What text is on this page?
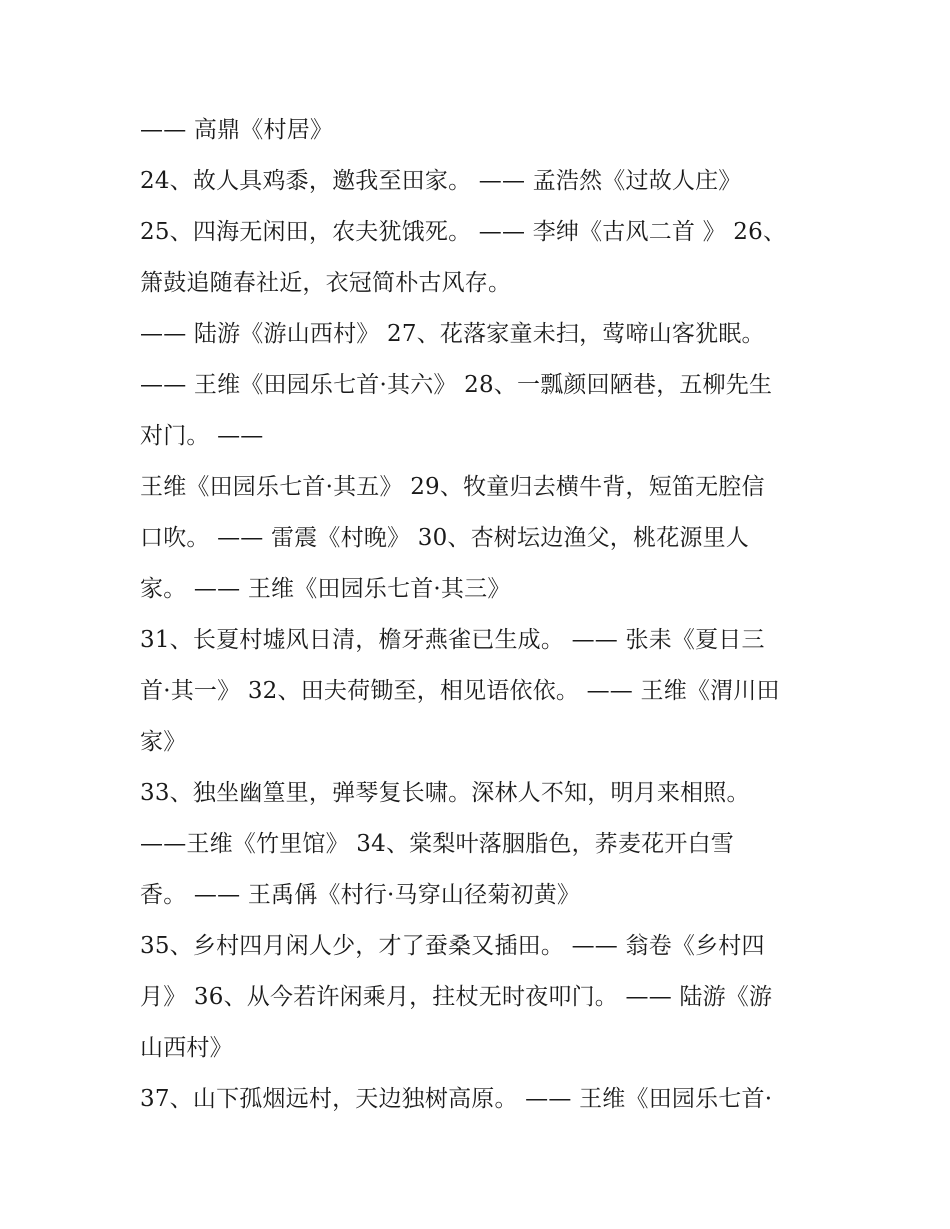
—— 高鼎《村居》
24、故人具鸡黍，邀我至田家。 —— 孟浩然《过故人庄》
25、四海无闲田，农夫犹饿死。 —— 李绅《古风二首 》 26、
箫鼓追随春社近，衣冠简朴古风存。
—— 陆游《游山西村》 27、花落家童未扫，莺啼山客犹眠。
—— 王维《田园乐七首·其六》 28、一瓢颜回陋巷，五柳先生
对门。 ——
王维《田园乐七首·其五》 29、牧童归去横牛背，短笛无腔信
口吹。 —— 雷震《村晚》 30、杏树坛边渔父，桃花源里人
家。 —— 王维《田园乐七首·其三》
31、长夏村墟风日清，檐牙燕雀已生成。 —— 张耒《夏日三
首·其一》 32、田夫荷锄至，相见语依依。 —— 王维《渭川田
家》
33、独坐幽篁里，弹琴复长啸。深林人不知，明月来相照。
——王维《竹里馆》 34、棠梨叶落胭脂色，荞麦花开白雪
香。 —— 王禹偁《村行·马穿山径菊初黄》
35、乡村四月闲人少，才了蚕桑又插田。 —— 翁卷《乡村四
月》 36、从今若许闲乘月，拄杖无时夜叩门。 —— 陆游《游
山西村》
37、山下孤烟远村，天边独树高原。 —— 王维《田园乐七首·
